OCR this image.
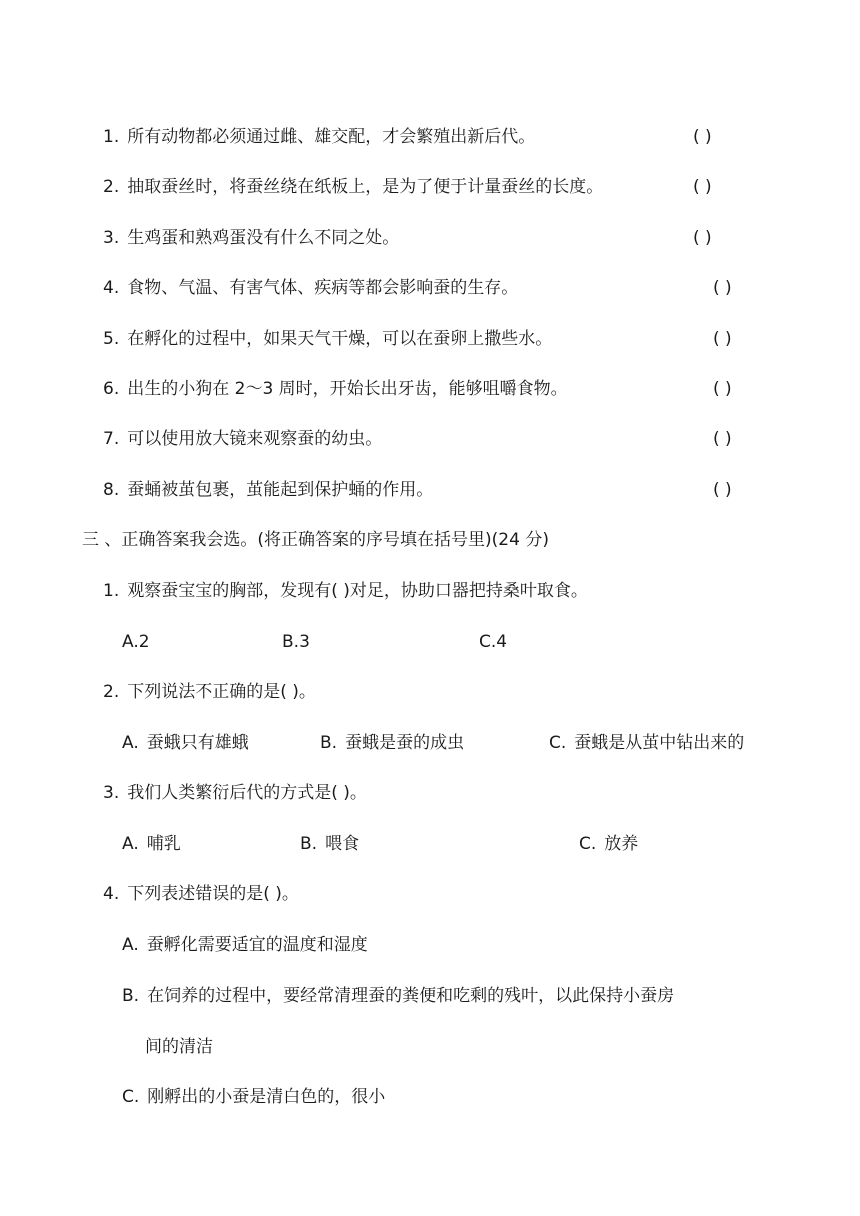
1. 所有动物都必须通过雌、雄交配，才会繁殖出新后代。	( )
2. 抽取蚕丝时，将蚕丝绕在纸板上，是为了便于计量蚕丝的长度。	( )
3. 生鸡蛋和熟鸡蛋没有什么不同之处。	( )
4. 食物、气温、有害气体、疾病等都会影响蚕的生存。	( )
5. 在孵化的过程中，如果天气干燥，可以在蚕卵上撒些水。	( )
6. 出生的小狗在 2～3 周时，开始长出牙齿，能够咀嚼食物。	( )
7. 可以使用放大镜来观察蚕的幼虫。	( )
8. 蚕蛹被茧包裹，茧能起到保护蛹的作用。	( )
三 、正确答案我会选。(将正确答案的序号填在括号里)(24 分)
1. 观察蚕宝宝的胸部，发现有( )对足，协助口器把持桑叶取食。
A.2	B.3	C.4
2. 下列说法不正确的是( )。
A. 蚕蛾只有雄蛾	B. 蚕蛾是蚕的成虫	C. 蚕蛾是从茧中钻出来的
3. 我们人类繁衍后代的方式是( )。
A. 哺乳	B. 喂食	C. 放养
4. 下列表述错误的是( )。
A. 蚕孵化需要适宜的温度和湿度
B. 在饲养的过程中，要经常清理蚕的粪便和吃剩的残叶，以此保持小蚕房
间的清洁
C. 刚孵出的小蚕是清白色的，很小
